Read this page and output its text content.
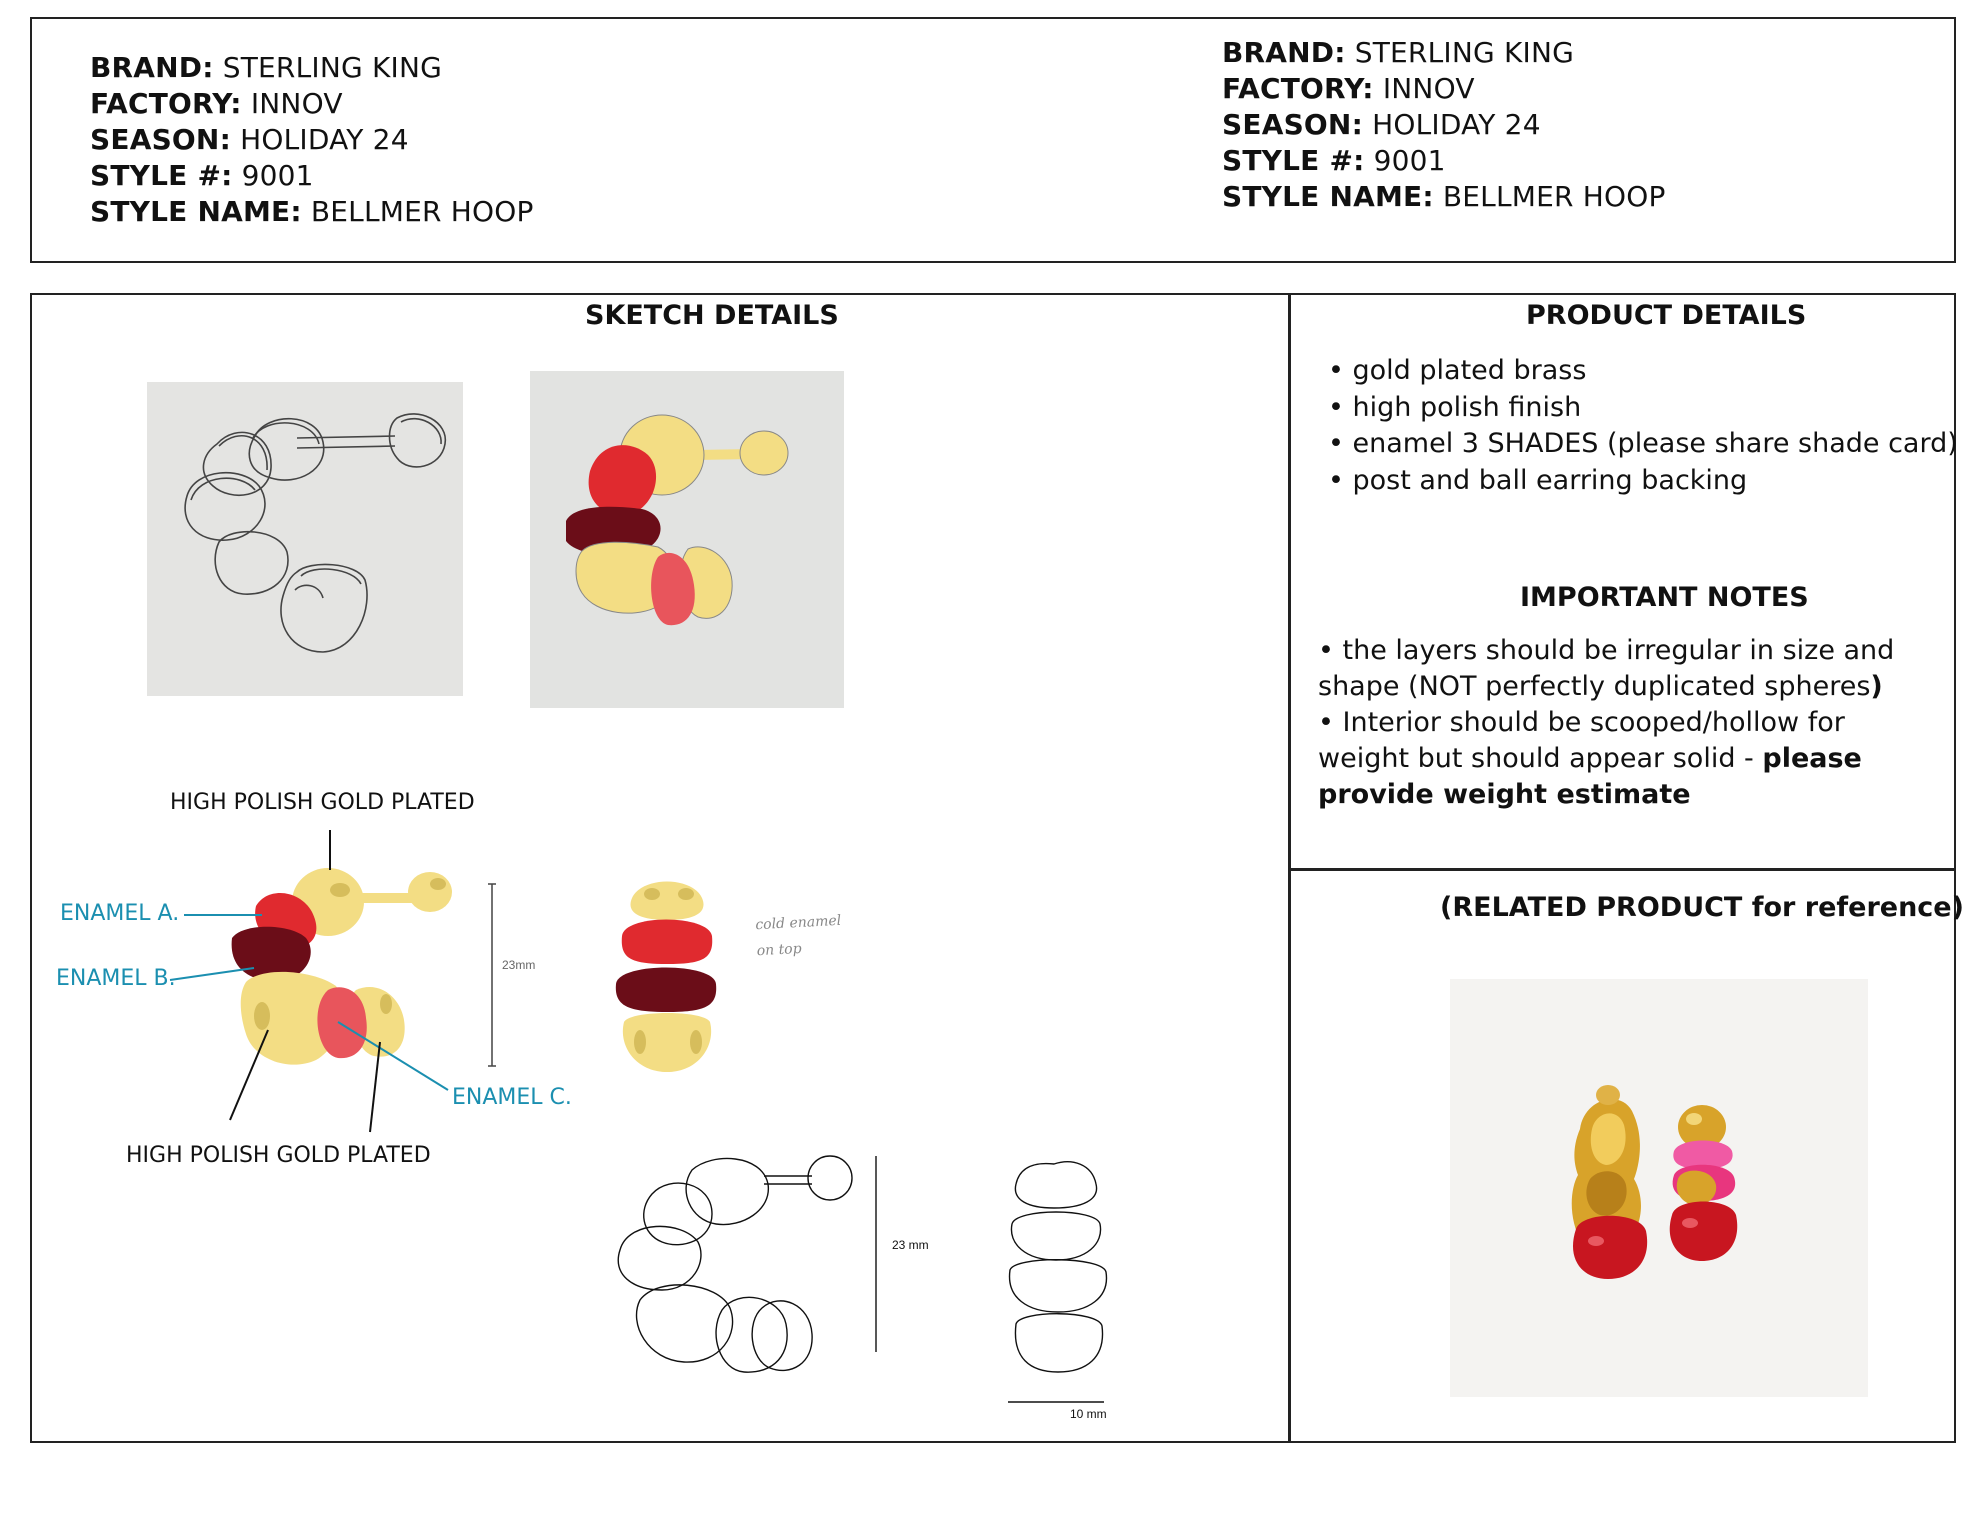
BRAND: STERLING KING
FACTORY: INNOV
SEASON: HOLIDAY 24
STYLE #: 9001
STYLE NAME: BELLMER HOOP
BRAND: STERLING KING
FACTORY: INNOV
SEASON: HOLIDAY 24
STYLE #: 9001
STYLE NAME: BELLMER HOOP
SKETCH DETAILS
HIGH POLISH GOLD PLATED
ENAMEL A.
ENAMEL B.
ENAMEL C.
HIGH POLISH GOLD PLATED
23mm
cold enamel
on top
23 mm
10 mm
PRODUCT DETAILS
• gold plated brass
• high polish finish
• enamel 3 SHADES (please share shade card)
• post and ball earring backing
IMPORTANT NOTES
• the layers should be irregular in size and shape (NOT perfectly duplicated spheres)
• Interior should be scooped/hollow for weight but should appear solid - please provide weight estimate
(RELATED PRODUCT for reference)
